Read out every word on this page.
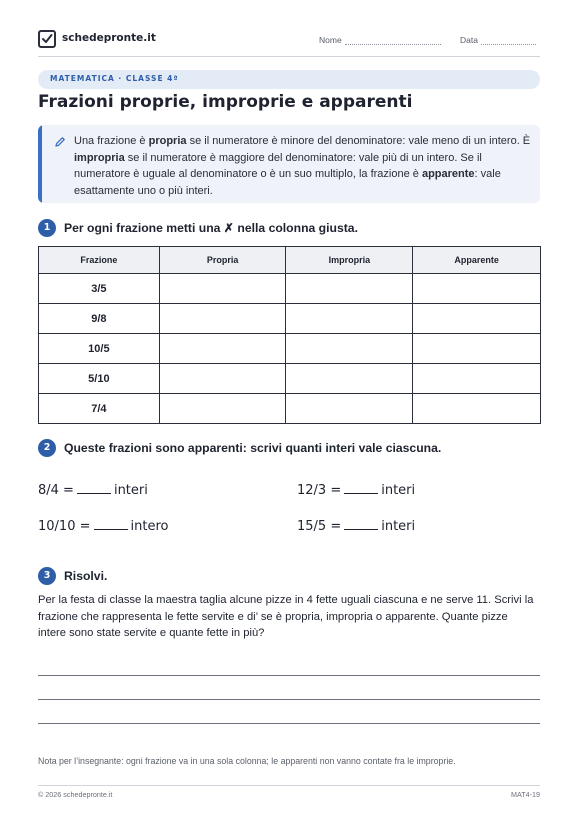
schedepronte.it	Nome	Data
MATEMATICA · CLASSE 4ª
Frazioni proprie, improprie e apparenti
Una frazione è propria se il numeratore è minore del denominatore: vale meno di un intero. È impropria se il numeratore è maggiore del denominatore: vale più di un intero. Se il numeratore è uguale al denominatore o è un suo multiplo, la frazione è apparente: vale esattamente uno o più interi.
1	Per ogni frazione metti una ✗ nella colonna giusta.
Frazione	Propria	Impropria	Apparente
3/5			
9/8			
10/5			
5/10			
7/4			
2	Queste frazioni sono apparenti: scrivi quanti interi vale ciascuna.
8/4 =	interi	12/3 =	interi
10/10 =	intero	15/5 =	interi
3	Risolvi.
Per la festa di classe la maestra taglia alcune pizze in 4 fette uguali ciascuna e ne serve 11. Scrivi la frazione che rappresenta le fette servite e di’ se è propria, impropria o apparente. Quante pizze intere sono state servite e quante fette in più?
Nota per l’insegnante: ogni frazione va in una sola colonna; le apparenti non vanno contate fra le improprie.
© 2026 schedepronte.it	MAT4-19
